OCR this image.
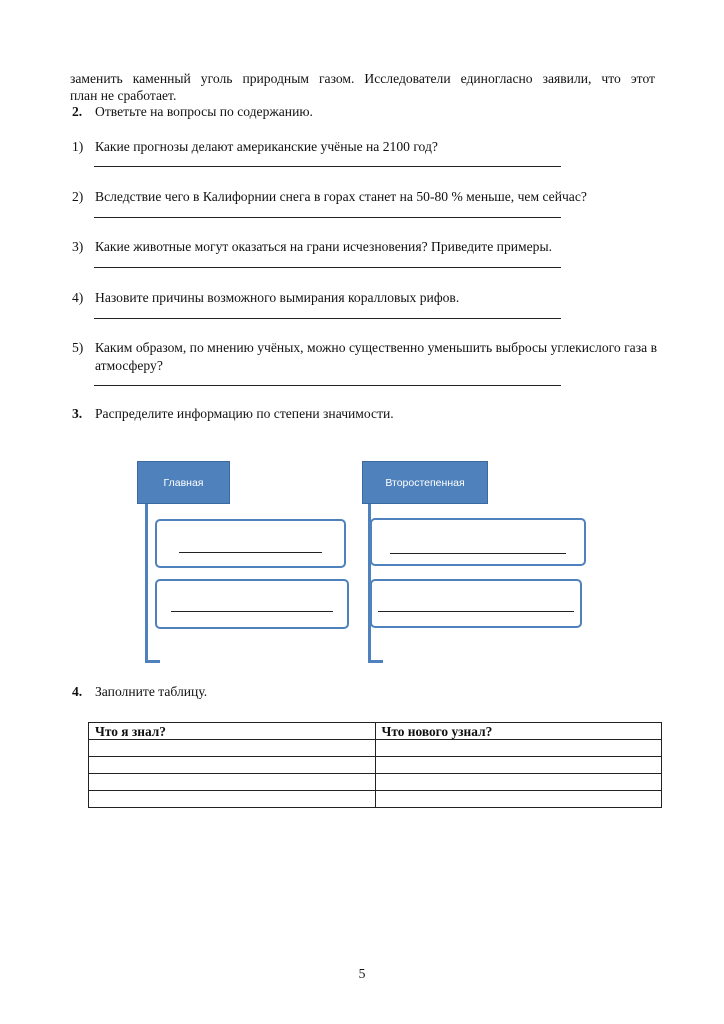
заменить каменный уголь природным газом. Исследователи единогласно заявили, что этот
план не сработает.
2. Ответьте на вопросы по содержанию.
1) Какие прогнозы делают американские учёные на 2100 год?
2) Вследствие чего в Калифорнии снега в горах станет на 50-80 % меньше, чем сейчас?
3) Какие животные могут оказаться на грани исчезновения? Приведите примеры.
4) Назовите причины возможного вымирания коралловых рифов.
5) Каким образом, по мнению учёных, можно существенно уменьшить выбросы углекислого газа в атмосферу?
3. Распределите информацию по степени значимости.
Главная	Второстепенная
4. Заполните таблицу.
Что я знал?	Что нового узнал?

5
